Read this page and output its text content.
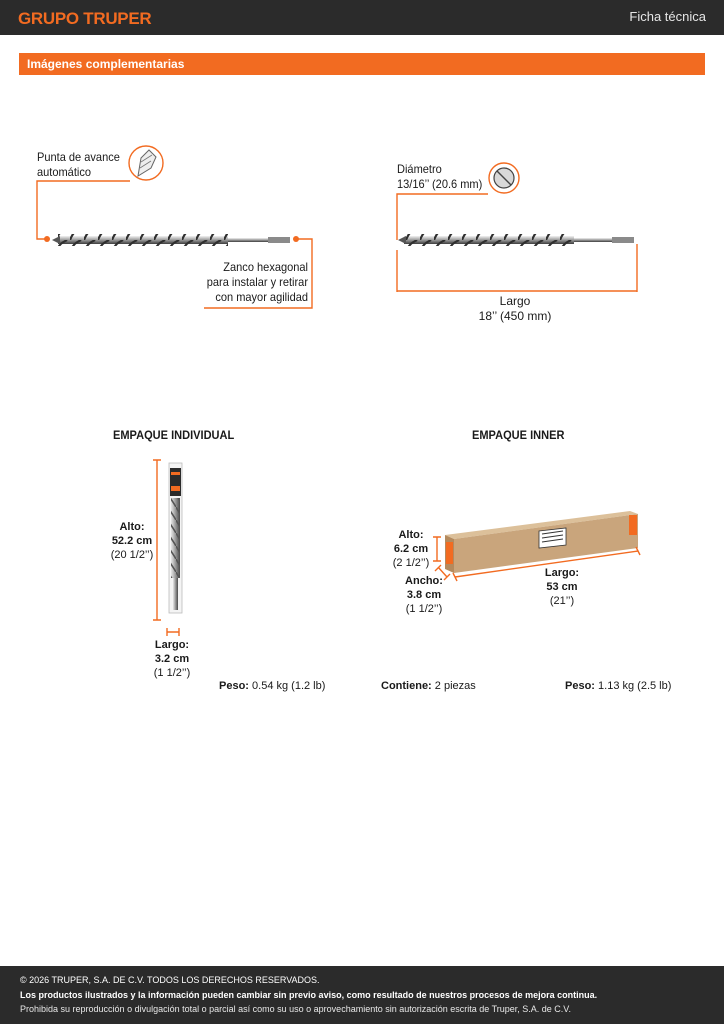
GRUPO TRUPER	Ficha técnica
Imágenes complementarias
Punta de avance
automático
Zanco hexagonal
para instalar y retirar
con mayor agilidad
Diámetro
13/16’’ (20.6 mm)
Largo
18’’ (450 mm)
EMPAQUE INDIVIDUAL	EMPAQUE INNER
Alto:
52.2 cm
(20 1/2’’)
Largo:
3.2 cm
(1 1/2’’)
Peso: 0.54 kg (1.2 lb)
Alto:
6.2 cm
(2 1/2’’)
Ancho:
3.8 cm
(1 1/2’’)
Largo:
53 cm
(21’’)
Contiene: 2 piezas	Peso: 1.13 kg (2.5 lb)
© 2026 TRUPER, S.A. DE C.V. TODOS LOS DERECHOS RESERVADOS.
Los productos ilustrados y la información pueden cambiar sin previo aviso, como resultado de nuestros procesos de mejora continua.
Prohibida su reproducción o divulgación total o parcial así como su uso o aprovechamiento sin autorización escrita de Truper, S.A. de C.V.
